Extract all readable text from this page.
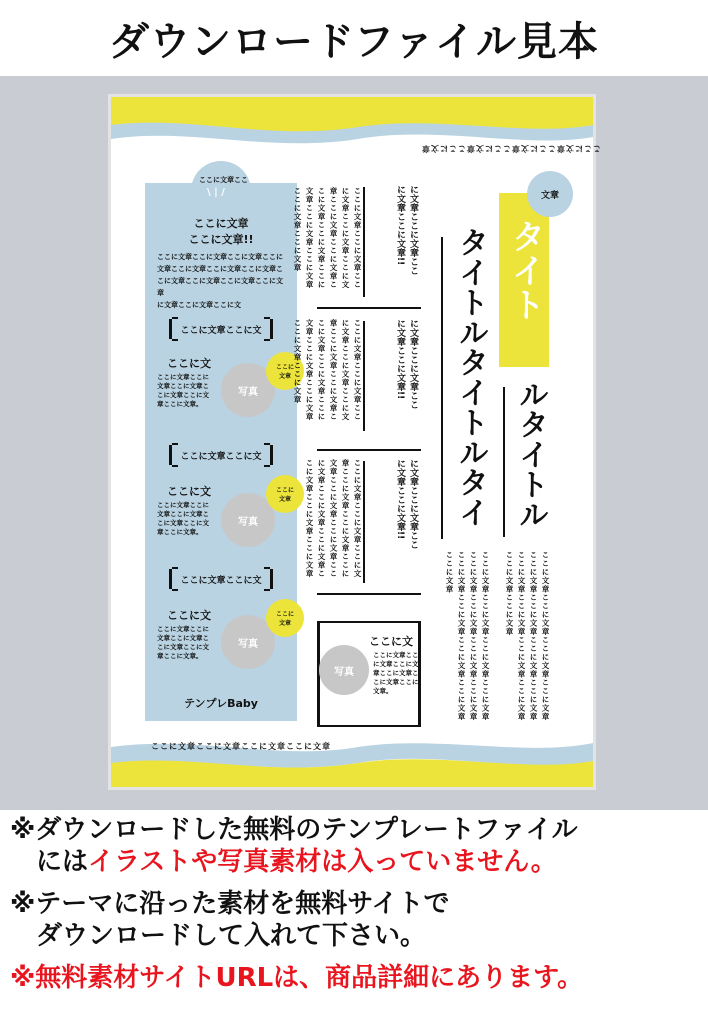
ダウンロードファイル見本
ここに文章ここに文章ここに文章ここに文章
ここに文章ここに文章ここに文章ここに文章
ここに文章ここ
\ | /
ここに文章
ここに文章!!
ここに文章ここに文章ここに文章ここに
文章ここに文章ここに文章ここに文章こ
こに文章ここに文章ここに文章ここに文章
に文章ここに文章ここに文
ここに文章ここに文
ここに文
ここに文章ここに
文章ここに文章こ
こに文章ここに文
章ここに文章。
写真
ここに
文章
ここに文章ここに文
ここに文
ここに文章ここに
文章ここに文章こ
こに文章ここに文
章ここに文章。
写真
ここに
文章
ここに文章ここに文
ここに文
ここに文章ここに
文章ここに文章こ
こに文章ここに文
章ここに文章。
写真
ここに
文章
テンプレBaby
ここに文章ここに文章ここに文章ここに文章ここに文章ここに文章ここに文章ここに文章ここに文章ここに文章ここに文章ここに文章ここに文章ここに文章	に文章ここに文章ここ
に文章ここに文章!!
ここに文章ここに文章ここに文章ここに文章ここに文章ここに文章ここに文章ここに文章ここに文章ここに文章ここに文章ここに文章ここに文章ここに文章	に文章ここに文章ここ
に文章ここに文章!!
ここに文章ここに文章ここに文章ここに文章ここに文章ここに文章ここに文章ここに文章ここに文章ここに文章ここに文章ここに文章ここに文章ここに文章	に文章ここに文章ここ
に文章ここに文章!!
ここに文
写真
ここに文章ここ
に文章ここに文
章ここに文章こ
こに文章ここに
文章。
文章
タイト
ルタイトル
タイトルタイトルタイ
ここに文章ここに文章ここに文章ここに文章ここに文章ここに文章ここに文章ここに文章ここに文章ここに文章ここに文章ここに文章ここに文章ここに文章
ここに文章ここに文章ここに文章ここに文章ここに文章ここに文章ここに文章ここに文章ここに文章ここに文章ここに文章ここに文章ここに文章
※ダウンロードした無料のテンプレートファイル
　にはイラストや写真素材は入っていません。
※テーマに沿った素材を無料サイトで
　ダウンロードして入れて下さい。
※無料素材サイトURLは、商品詳細にあります。
